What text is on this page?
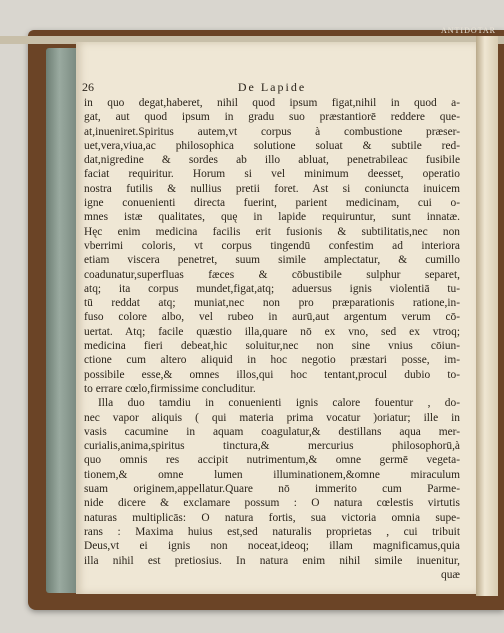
ANTIDOTAR
26	De Lapide
in quo degat,haberet, nihil quod ipsum figat,nihil in quod a-
gat, aut quod ipsum in gradu suo præstantiorē reddere que-
at,inueniret.Spiritus autem,vt corpus à combustione præser-
uet,vera,viua,ac philosophica solutione soluat & subtile red-
dat,nigredine & sordes ab illo abluat, penetrabileac fusibile
faciat requiritur. Horum si vel minimum deesset, operatio
nostra futilis & nullius pretii foret. Ast si coniuncta inuicem
igne conuenienti directa fuerint, parient medicinam, cui o-
mnes istæ qualitates, quę in lapide requiruntur, sunt innatæ.
Hęc enim medicina facilis erit fusionis & subtilitatis,nec non
vberrimi coloris, vt corpus tingendū confestim ad interiora
etiam viscera penetret, suum simile amplectatur, & cumillo
coadunatur,superfluas fæces & cōbustibile sulphur separet,
atq; ita corpus mundet,figat,atq; aduersus ignis violentiā tu-
tū reddat atq; muniat,nec non pro præparationis ratione,in-
fuso colore albo, vel rubeo in aurū,aut argentum verum cō-
uertat. Atq; facile quæstio illa,quare nō ex vno, sed ex vtroq;
medicina fieri debeat,hic soluitur,nec non sine vnius cōiun-
ctione cum altero aliquid in hoc negotio præstari posse, im-
possibile esse,& omnes illos,qui hoc tentant,procul dubio to-
to errare cœlo,firmissime concluditur.
Illa duo tamdiu in conuenienti ignis calore fouentur , do-
nec vapor aliquis ( qui materia prima vocatur )oriatur; ille in
vasis cacumine in aquam coagulatur,& destillans aqua mer-
curialis,anima,spiritus tinctura,& mercurius philosophorū,à
quo omnis res accipit nutrimentum,& omne germē vegeta-
tionem,& omne lumen illuminationem,&omne miraculum
suam originem,appellatur.Quare nō immerito cum Parme-
nide dicere & exclamare possum : O natura cœlestis virtutis
naturas multiplicās: O natura fortis, sua victoria omnia supe-
rans : Maxima huius est,sed naturalis proprietas , cui tribuit
Deus,vt ei ignis non noceat,ideoq; illam magnificamus,quia
illa nihil est pretiosius. In natura enim nihil simile inuenitur,
quæ
